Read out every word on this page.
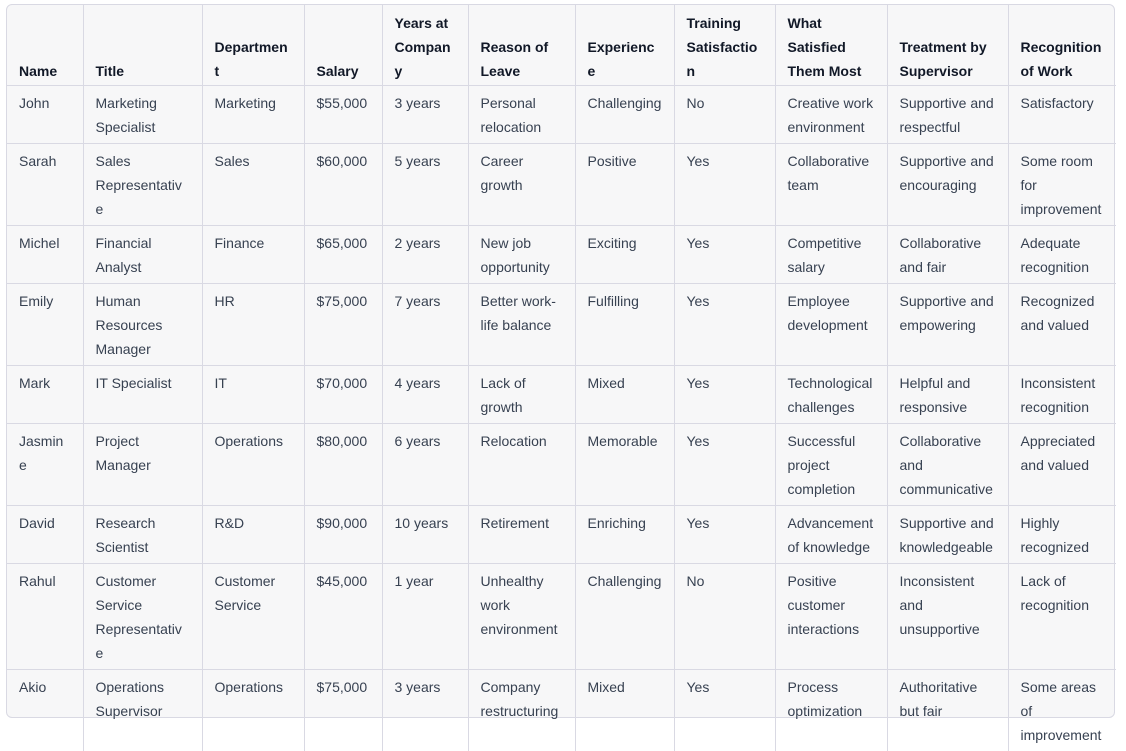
Name	Title	Department	Salary	Years at Company	Reason of Leave	Experience	Training Satisfaction	What Satisfied Them Most	Treatment by Supervisor	Recognition of Work
John	Marketing Specialist	Marketing	$55,000	3 years	Personal relocation	Challenging	No	Creative work environment	Supportive and respectful	Satisfactory
Sarah	Sales Representative	Sales	$60,000	5 years	Career growth	Positive	Yes	Collaborative team	Supportive and encouraging	Some room for improvement
Michel	Financial Analyst	Finance	$65,000	2 years	New job opportunity	Exciting	Yes	Competitive salary	Collaborative and fair	Adequate recognition
Emily	Human Resources Manager	HR	$75,000	7 years	Better work-life balance	Fulfilling	Yes	Employee development	Supportive and empowering	Recognized and valued
Mark	IT Specialist	IT	$70,000	4 years	Lack of growth	Mixed	Yes	Technological challenges	Helpful and responsive	Inconsistent recognition
Jasmine	Project Manager	Operations	$80,000	6 years	Relocation	Memorable	Yes	Successful project completion	Collaborative and communicative	Appreciated and valued
David	Research Scientist	R&D	$90,000	10 years	Retirement	Enriching	Yes	Advancement of knowledge	Supportive and knowledgeable	Highly recognized
Rahul	Customer Service Representative	Customer Service	$45,000	1 year	Unhealthy work environment	Challenging	No	Positive customer interactions	Inconsistent and unsupportive	Lack of recognition
Akio	Operations Supervisor	Operations	$75,000	3 years	Company restructuring	Mixed	Yes	Process optimization	Authoritative but fair	Some areas of improvement
